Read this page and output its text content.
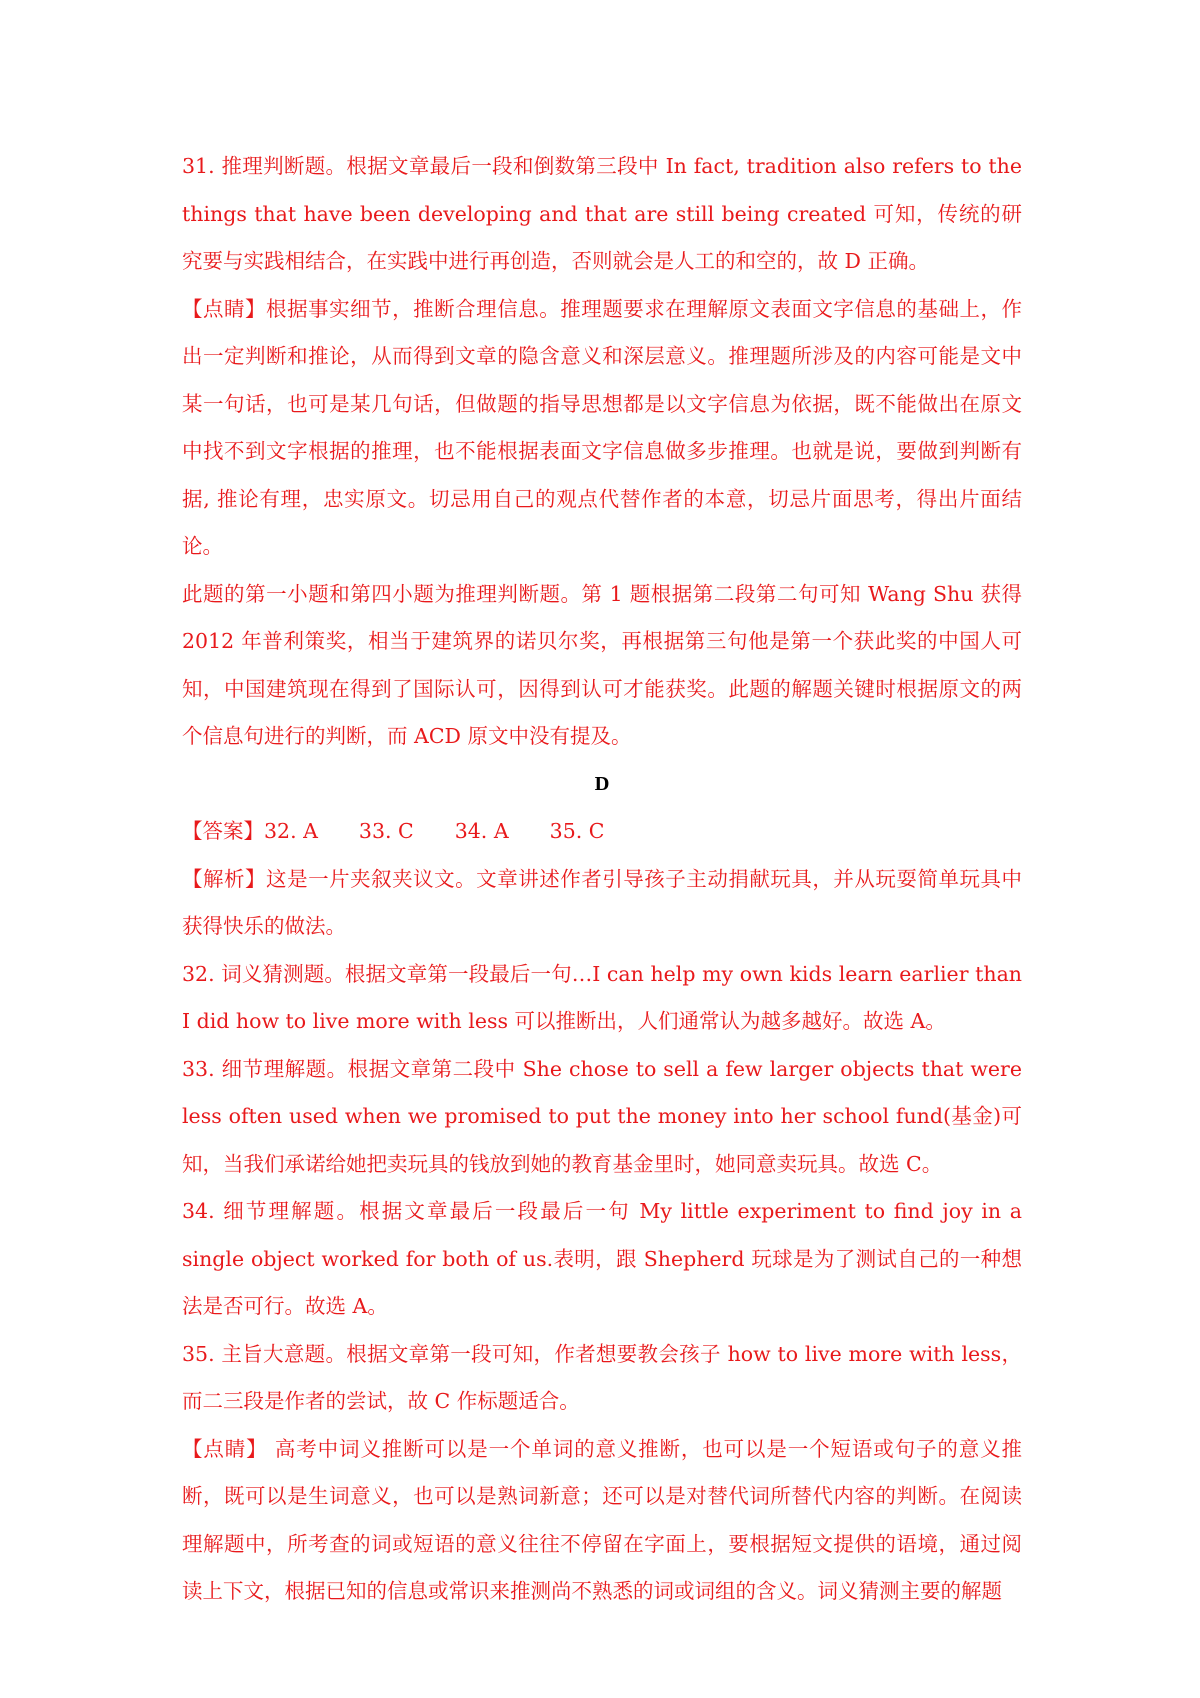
31. 推理判断题。根据文章最后一段和倒数第三段中 In fact, tradition also refers to the things that have been developing and that are still being created 可知，传统的研究要与实践相结合，在实践中进行再创造，否则就会是人工的和空的，故 D 正确。

【点睛】根据事实细节，推断合理信息。推理题要求在理解原文表面文字信息的基础上，作出一定判断和推论，从而得到文章的隐含意义和深层意义。推理题所涉及的内容可能是文中某一句话，也可是某几句话，但做题的指导思想都是以文字信息为依据，既不能做出在原文中找不到文字根据的推理，也不能根据表面文字信息做多步推理。也就是说，要做到判断有据, 推论有理，忠实原文。切忌用自己的观点代替作者的本意，切忌片面思考，得出片面结论。

此题的第一小题和第四小题为推理判断题。第 1 题根据第二段第二句可知 Wang Shu 获得 2012 年普利策奖，相当于建筑界的诺贝尔奖，再根据第三句他是第一个获此奖的中国人可知，中国建筑现在得到了国际认可，因得到认可才能获奖。此题的解题关键时根据原文的两个信息句进行的判断，而 ACD 原文中没有提及。

D

【答案】32. A　　33. C　　34. A　　35. C

【解析】这是一片夹叙夹议文。文章讲述作者引导孩子主动捐献玩具，并从玩耍简单玩具中获得快乐的做法。

32. 词义猜测题。根据文章第一段最后一句…I can help my own kids learn earlier than I did how to live more with less 可以推断出，人们通常认为越多越好。故选 A。

33. 细节理解题。根据文章第二段中 She chose to sell a few larger objects that were less often used when we promised to put the money into her school fund(基金)可知，当我们承诺给她把卖玩具的钱放到她的教育基金里时，她同意卖玩具。故选 C。

34. 细节理解题。根据文章最后一段最后一句 My little experiment to find joy in a single object worked for both of us.表明，跟 Shepherd 玩球是为了测试自己的一种想法是否可行。故选 A。

35. 主旨大意题。根据文章第一段可知，作者想要教会孩子 how to live more with less，而二三段是作者的尝试，故 C 作标题适合。

【点睛】 高考中词义推断可以是一个单词的意义推断，也可以是一个短语或句子的意义推断，既可以是生词意义，也可以是熟词新意；还可以是对替代词所替代内容的判断。在阅读理解题中，所考查的词或短语的意义往往不停留在字面上，要根据短文提供的语境，通过阅读上下文，根据已知的信息或常识来推测尚不熟悉的词或词组的含义。词义猜测主要的解题
